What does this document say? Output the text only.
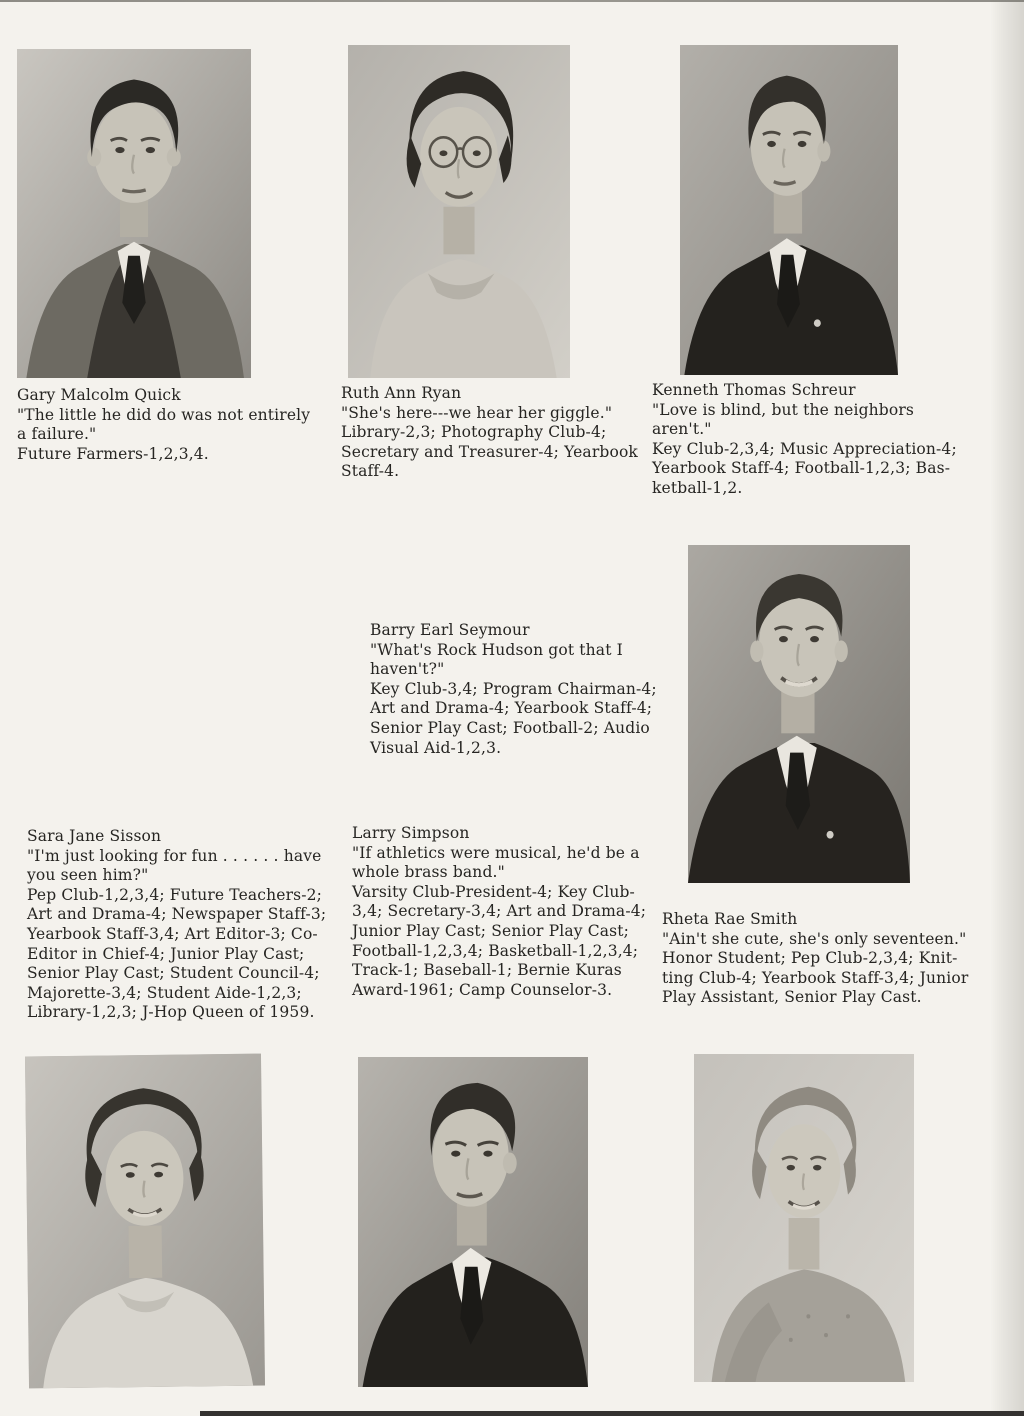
Gary Malcolm Quick
"The little he did do was not entirely
a failure."
Future Farmers-1,2,3,4.
Ruth Ann Ryan
"She's here---we hear her giggle."
Library-2,3; Photography Club-4;
Secretary and Treasurer-4; Yearbook
Staff-4.
Kenneth Thomas Schreur
"Love is blind, but the neighbors
aren't."
Key Club-2,3,4; Music Appreciation-4;
Yearbook Staff-4; Football-1,2,3; Bas-
ketball-1,2.
Barry Earl Seymour
"What's Rock Hudson got that I
haven't?"
Key Club-3,4; Program Chairman-4;
Art and Drama-4; Yearbook Staff-4;
Senior Play Cast; Football-2; Audio
Visual Aid-1,2,3.
Sara Jane Sisson
"I'm just looking for fun . . . . . . have
you seen him?"
Pep Club-1,2,3,4; Future Teachers-2;
Art and Drama-4; Newspaper Staff-3;
Yearbook Staff-3,4; Art Editor-3; Co-
Editor in Chief-4; Junior Play Cast;
Senior Play Cast; Student Council-4;
Majorette-3,4; Student Aide-1,2,3;
Library-1,2,3; J-Hop Queen of 1959.
Larry Simpson
"If athletics were musical, he'd be a
whole brass band."
Varsity Club-President-4; Key Club-
3,4; Secretary-3,4; Art and Drama-4;
Junior Play Cast; Senior Play Cast;
Football-1,2,3,4; Basketball-1,2,3,4;
Track-1; Baseball-1; Bernie Kuras
Award-1961; Camp Counselor-3.
Rheta Rae Smith
"Ain't she cute, she's only seventeen."
Honor Student; Pep Club-2,3,4; Knit-
ting Club-4; Yearbook Staff-3,4; Junior
Play Assistant, Senior Play Cast.
